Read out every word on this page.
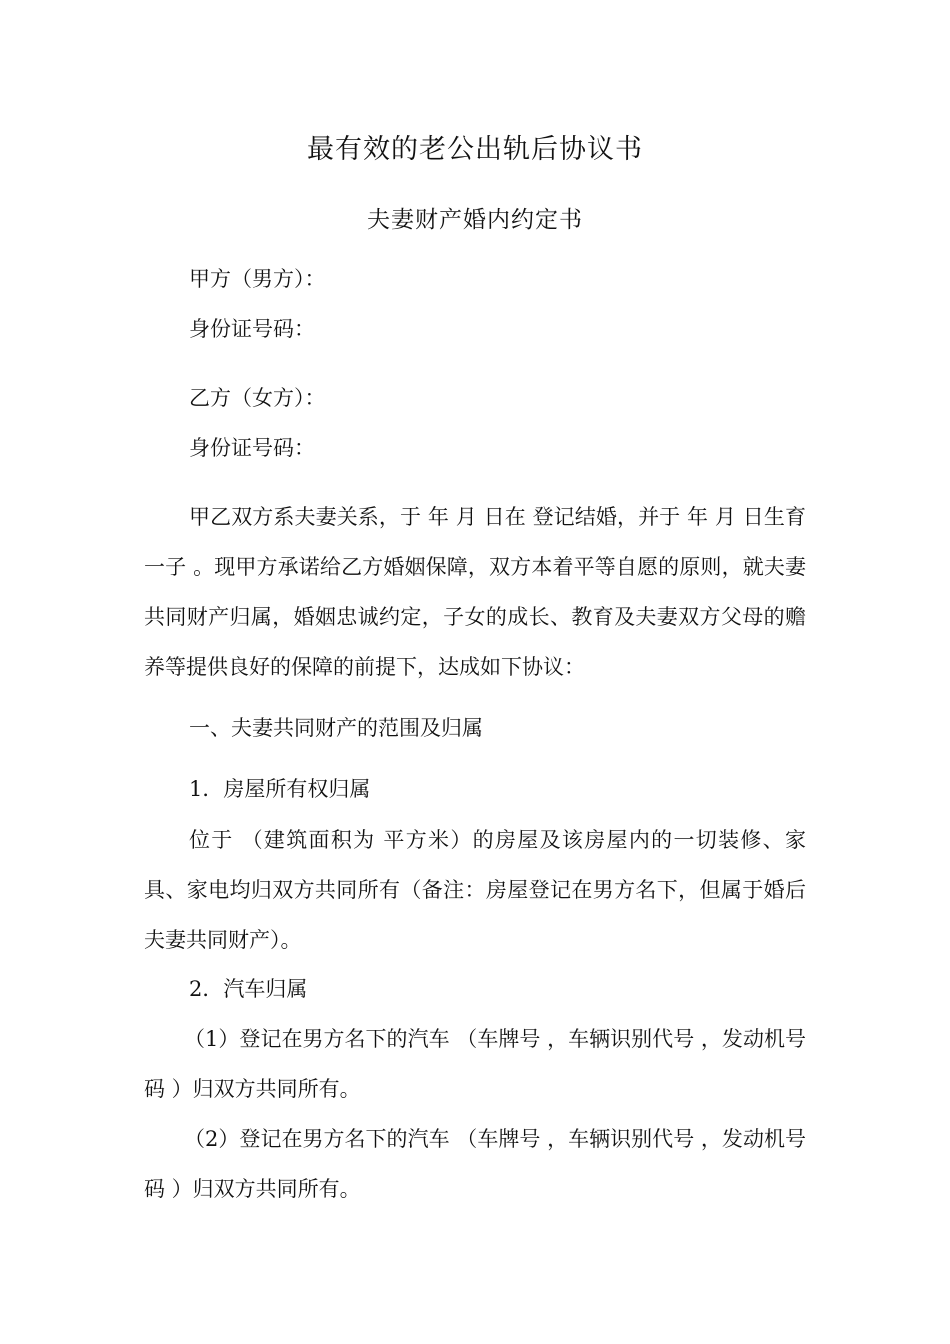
最有效的老公出轨后协议书
夫妻财产婚内约定书

甲方（男方）：

身份证号码：

乙方（女方）：

身份证号码：

甲乙双方系夫妻关系，于 年 月 日在 登记结婚，并于 年 月 日生育一子 。现甲方承诺给乙方婚姻保障，双方本着平等自愿的原则，就夫妻共同财产归属，婚姻忠诚约定，子女的成长、教育及夫妻双方父母的赡养等提供良好的保障的前提下，达成如下协议：

一、夫妻共同财产的范围及归属

1．房屋所有权归属

位于 （建筑面积为 平方米）的房屋及该房屋内的一切装修、家具、家电均归双方共同所有（备注：房屋登记在男方名下，但属于婚后夫妻共同财产）。

2．汽车归属

（1）登记在男方名下的汽车 （车牌号 ，车辆识别代号 ，发动机号码 ）归双方共同所有。

（2）登记在男方名下的汽车 （车牌号 ，车辆识别代号 ，发动机号码 ）归双方共同所有。
